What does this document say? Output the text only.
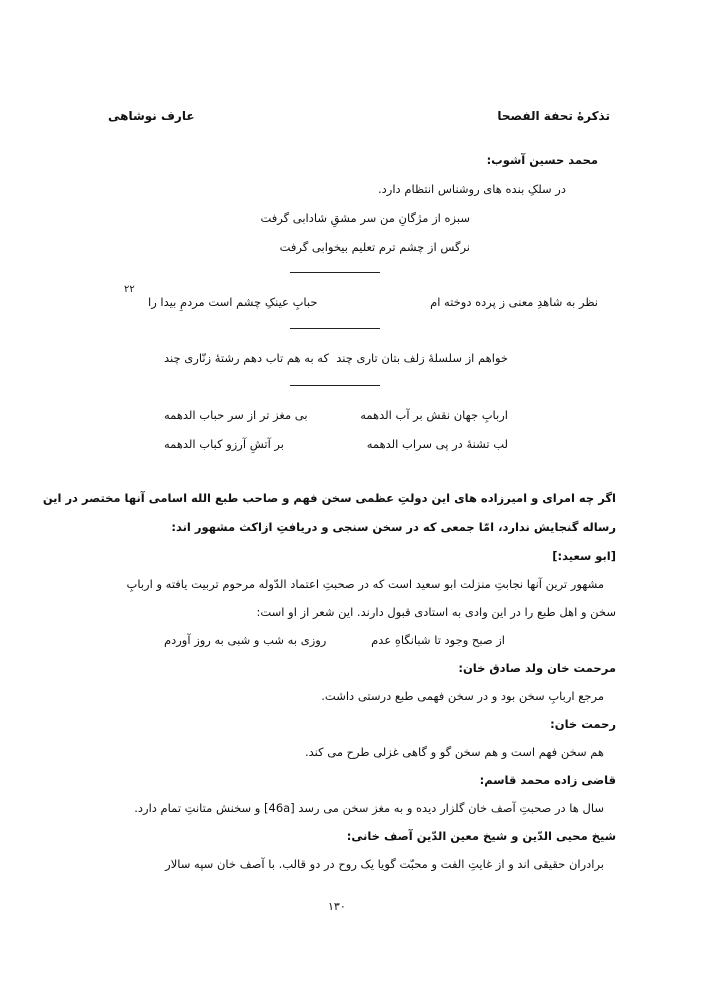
عارف نوشاهی	تذکرهٔ تحفة الفصحا
محمد حسین آشوب:
در سلکِ بنده های روشناس انتظام دارد.
سبزه از مژگانِ من سر مشقِ شادابی گرفت
نرگس از چشم ترم تعلیم بیخوابی گرفت
نظر به شاهدِ معنی ز پرده دوخته ام
حبابِ عینکِ چشم است مردمِ بیدا را
۲۲
خواهم از سلسلهٔ زلف بتان تاری چند
که به هم تاب دهم رشتهٔ زنّاری چند
اربابِ جهان نقش بر آب الدهمه
بی مغز تر از سر حباب الدهمه
لب تشنهٔ در پی سراب الدهمه
بر آتشِ آرزو کباب الدهمه
اگر چه امرای و امیرزاده های این دولتِ عظمی سخن فهم و صاحب طبع الله اسامی آنها مختصر در این
رساله گنجایش ندارد، امّا جمعی که در سخن سنجی و دریافتِ ازاکث مشهور اند:
[ابو سعید:]
مشهور ترین آنها نجابتِ منزلت ابو سعید است که در صحبتِ اعتماد الدّوله مرحوم تربیت یافته و اربابِ
سخن و اهل طبع را در این وادی به استادی قبول دارند. این شعر از او است:
از صبح وجود تا شبانگاهِ عدم
روزی به شب و شبی به روز آوردم
مرحمت خان ولد صادق خان:
مرجع اربابِ سخن بود و در سخن فهمی طبع درستی داشت.
رحمت خان:
هم سخن فهم است و هم سخن گو و گاهی غزلی طرح می کند.
قاضی زاده محمد قاسم:
سال ها در صحبتِ آصف خان گلزار دیده و به مغز سخن می رسد [46a] و سخنش متانتِ تمام دارد.
شیخ محیی الدّین و شیخ معین الدّین آصف خانی:
برادران حقیقی اند و از غایتِ الفت و محبّت گویا یک روح در دو قالب. با آصف خان سپه سالار
۱۳۰
